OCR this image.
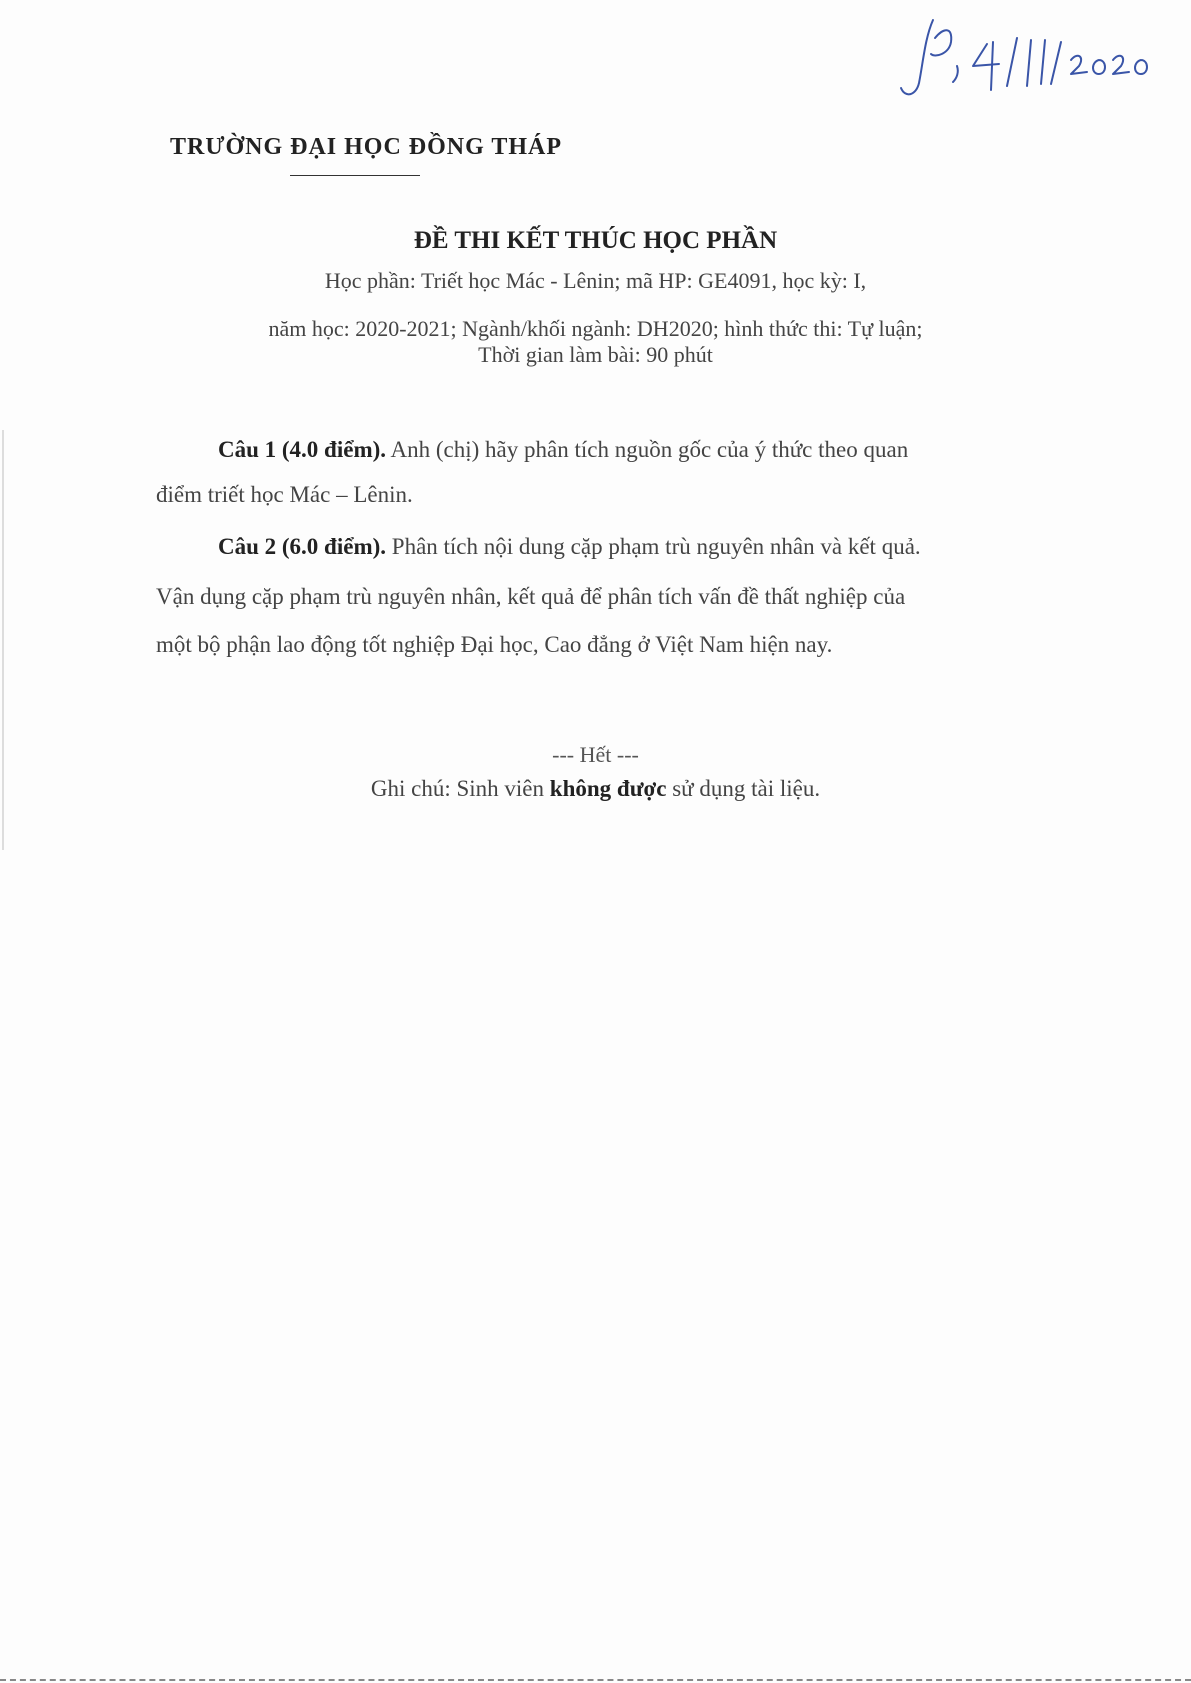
TRƯỜNG ĐẠI HỌC ĐỒNG THÁP
ĐỀ THI KẾT THÚC HỌC PHẦN
Học phần: Triết học Mác - Lênin; mã HP: GE4091, học kỳ: I,
năm học: 2020-2021; Ngành/khối ngành: DH2020; hình thức thi: Tự luận;
Thời gian làm bài: 90 phút
Câu 1 (4.0 điểm). Anh (chị) hãy phân tích nguồn gốc của ý thức theo quan
điểm triết học Mác – Lênin.
Câu 2 (6.0 điểm). Phân tích nội dung cặp phạm trù nguyên nhân và kết quả.
Vận dụng cặp phạm trù nguyên nhân, kết quả để phân tích vấn đề thất nghiệp của
một bộ phận lao động tốt nghiệp Đại học, Cao đẳng ở Việt Nam hiện nay.
--- Hết ---
Ghi chú: Sinh viên không được sử dụng tài liệu.
